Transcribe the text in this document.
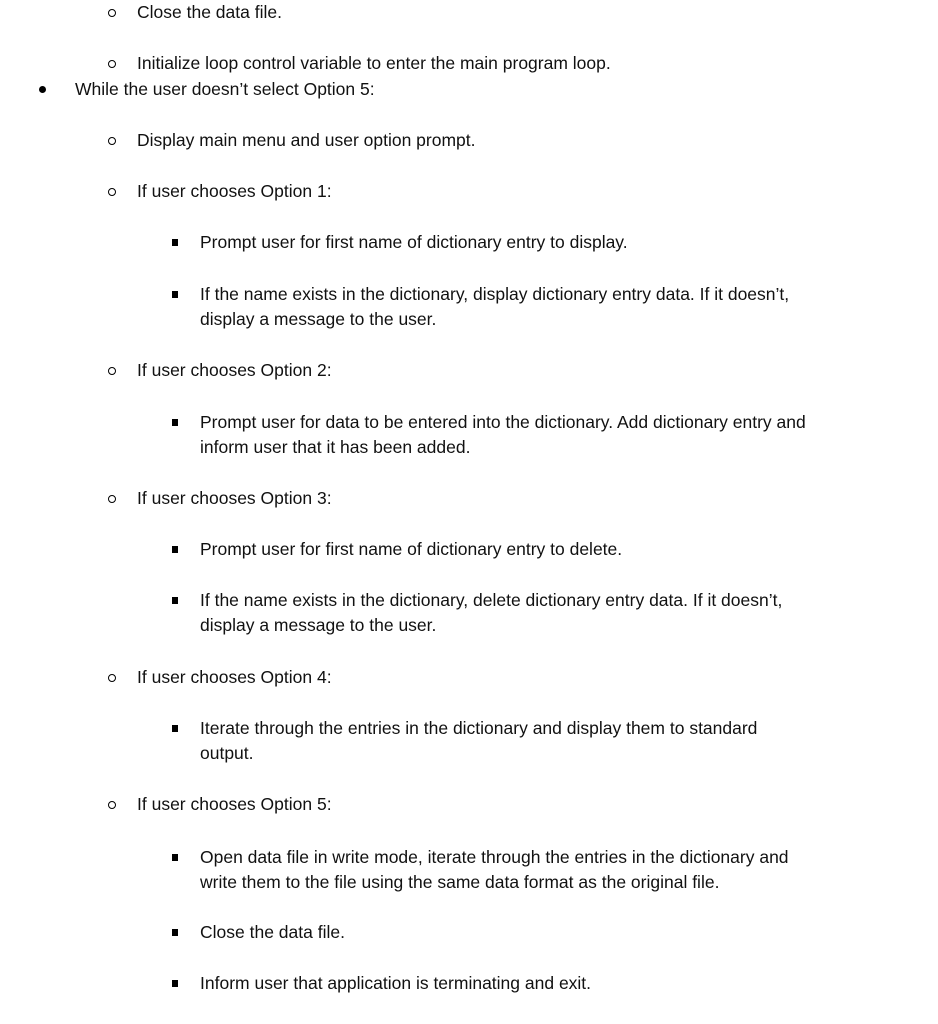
Close the data file.
Initialize loop control variable to enter the main program loop.
While the user doesn’t select Option 5:
Display main menu and user option prompt.
If user chooses Option 1:
Prompt user for first name of dictionary entry to display.
If the name exists in the dictionary, display dictionary entry data. If it doesn’t,
display a message to the user.
If user chooses Option 2:
Prompt user for data to be entered into the dictionary. Add dictionary entry and
inform user that it has been added.
If user chooses Option 3:
Prompt user for first name of dictionary entry to delete.
If the name exists in the dictionary, delete dictionary entry data. If it doesn’t,
display a message to the user.
If user chooses Option 4:
Iterate through the entries in the dictionary and display them to standard
output.
If user chooses Option 5:
Open data file in write mode, iterate through the entries in the dictionary and
write them to the file using the same data format as the original file.
Close the data file.
Inform user that application is terminating and exit.
